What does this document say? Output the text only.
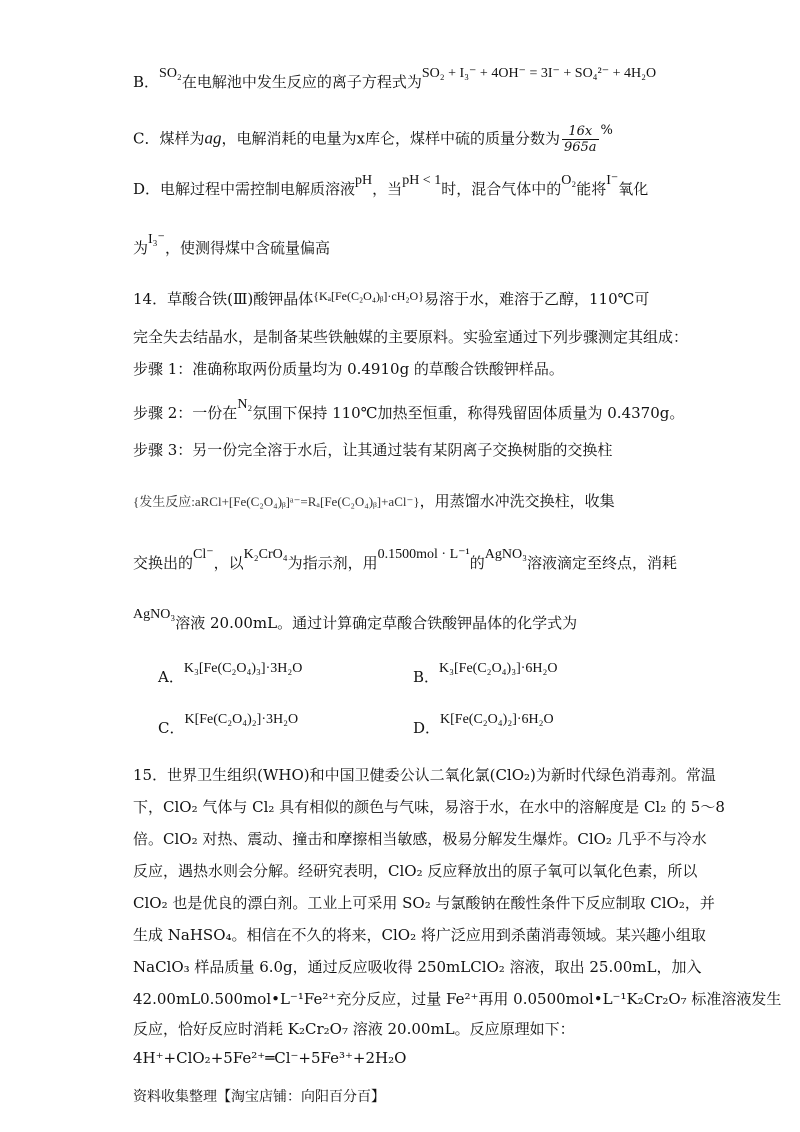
B．SO₂在电解池中发生反应的离子方程式为SO₂ + I₃⁻ + 4OH⁻ = 3I⁻ + SO₄²⁻ + 4H₂O
C．煤样为ag，电解消耗的电量为x库仑，煤样中硫的质量分数为 $\frac{16x}{965a}$ %
D．电解过程中需控制电解质溶液pH，当pH < 1时，混合气体中的O₂能将I⁻氧化
为I₃⁻，使测得煤中含硫量偏高
14．草酸合铁(Ⅲ)酸钾晶体$^{\{K_a[Fe(C_2O_4)ᵦ]\cdot cH_2O\}}$易溶于水，难溶于乙醇，110℃可
完全失去结晶水，是制备某些铁触媒的主要原料。实验室通过下列步骤测定其组成：
步骤 1：准确称取两份质量均为 0.4910g 的草酸合铁酸钾样品。
步骤 2：一份在N₂氛围下保持 110℃加热至恒重，称得残留固体质量为 0.4370g。
步骤 3：另一份完全溶于水后，让其通过装有某阴离子交换树脂的交换柱
{发生反应:aRCl+[Fe(C₂O₄)ᵦ]ᵃ⁻=Rₐ[Fe(C₂O₄)ᵦ]+aCl⁻}，用蒸馏水冲洗交换柱，收集
交换出的Cl⁻，以K₂CrO₄为指示剂，用0.1500mol · L⁻¹的AgNO₃溶液滴定至终点，消耗
AgNO₃溶液 20.00mL。通过计算确定草酸合铁酸钾晶体的化学式为
A．K₃[Fe(C₂O₄)₃]·3H₂O	B．K₃[Fe(C₂O₄)₃]·6H₂O
C．K[Fe(C₂O₄)₂]·3H₂O	D．K[Fe(C₂O₄)₂]·6H₂O
15．世界卫生组织(WHO)和中国卫健委公认二氧化氯(ClO₂)为新时代绿色消毒剂。常温
下，ClO₂ 气体与 Cl₂ 具有相似的颜色与气味，易溶于水，在水中的溶解度是 Cl₂ 的 5～8
倍。ClO₂ 对热、震动、撞击和摩擦相当敏感，极易分解发生爆炸。ClO₂ 几乎不与冷水
反应，遇热水则会分解。经研究表明，ClO₂ 反应释放出的原子氧可以氧化色素，所以
ClO₂ 也是优良的漂白剂。工业上可采用 SO₂ 与氯酸钠在酸性条件下反应制取 ClO₂，并
生成 NaHSO₄。相信在不久的将来，ClO₂ 将广泛应用到杀菌消毒领域。某兴趣小组取
NaClO₃ 样品质量 6.0g，通过反应吸收得 250mLClO₂ 溶液，取出 25.00mL，加入
42.00mL0.500mol•L⁻¹Fe²⁺充分反应，过量 Fe²⁺再用 0.0500mol•L⁻¹K₂Cr₂O₇ 标准溶液发生
反应，恰好反应时消耗 K₂Cr₂O₇ 溶液 20.00mL。反应原理如下：
4H⁺+ClO₂+5Fe²⁺═Cl⁻+5Fe³⁺+2H₂O
资料收集整理【淘宝店铺：向阳百分百】
